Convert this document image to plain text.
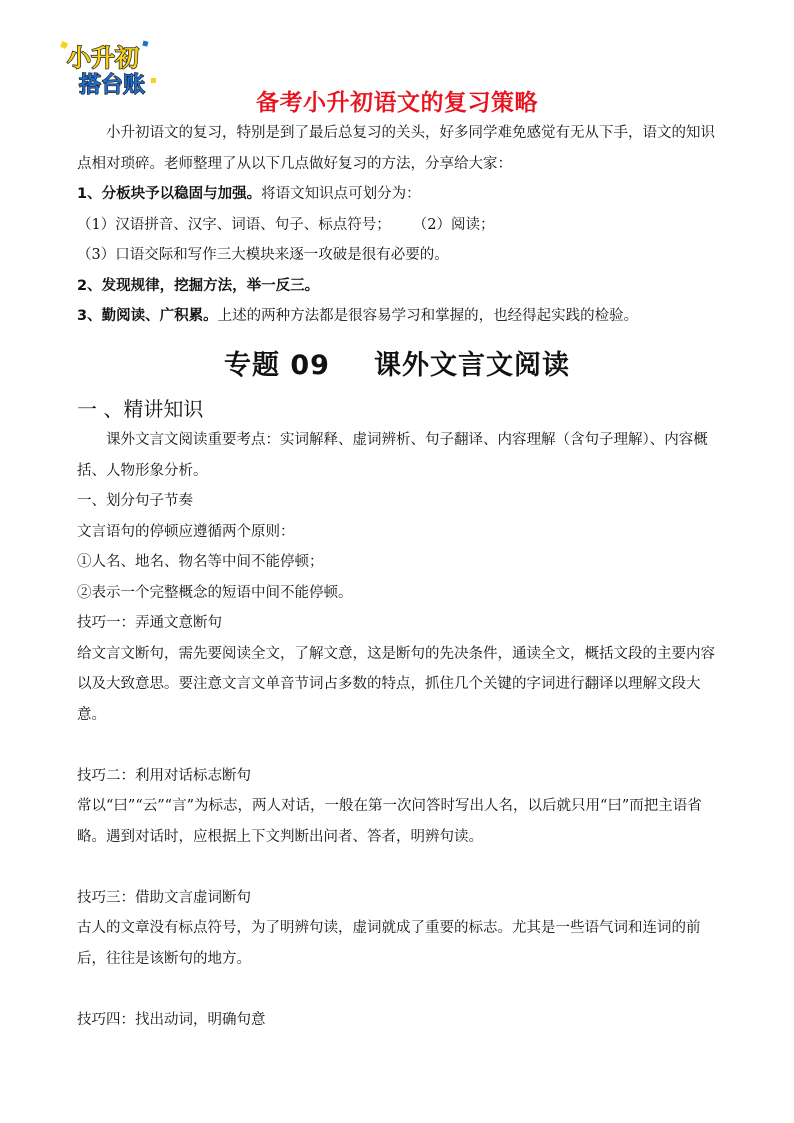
小升初
搭台账
备考小升初语文的复习策略

小升初语文的复习，特别是到了最后总复习的关头，好多同学难免感觉有无从下手，语文的知识点相对琐碎。老师整理了从以下几点做好复习的方法，分享给大家：

1、分板块予以稳固与加强。将语文知识点可划分为：

（1）汉语拼音、汉字、词语、句子、标点符号； （2）阅读；

（3）口语交际和写作三大模块来逐一攻破是很有必要的。

2、发现规律，挖掘方法，举一反三。

3、勤阅读、广积累。上述的两种方法都是很容易学习和掌握的，也经得起实践的检验。

专题 09 课外文言文阅读
一 、精讲知识

课外文言文阅读重要考点：实词解释、虚词辨析、句子翻译、内容理解（含句子理解）、内容概括、人物形象分析。

一、划分句子节奏

文言语句的停顿应遵循两个原则：

①人名、地名、物名等中间不能停顿；

②表示一个完整概念的短语中间不能停顿。

技巧一：弄通文意断句

给文言文断句，需先要阅读全文，了解文意，这是断句的先决条件，通读全文，概括文段的主要内容以及大致意思。要注意文言文单音节词占多数的特点，抓住几个关键的字词进行翻译以理解文段大意。

技巧二：利用对话标志断句

常以“曰”“云”“言”为标志，两人对话，一般在第一次问答时写出人名，以后就只用“曰”而把主语省略。遇到对话时，应根据上下文判断出问者、答者，明辨句读。

技巧三：借助文言虚词断句

古人的文章没有标点符号，为了明辨句读，虚词就成了重要的标志。尤其是一些语气词和连词的前后，往往是该断句的地方。

技巧四：找出动词，明确句意
